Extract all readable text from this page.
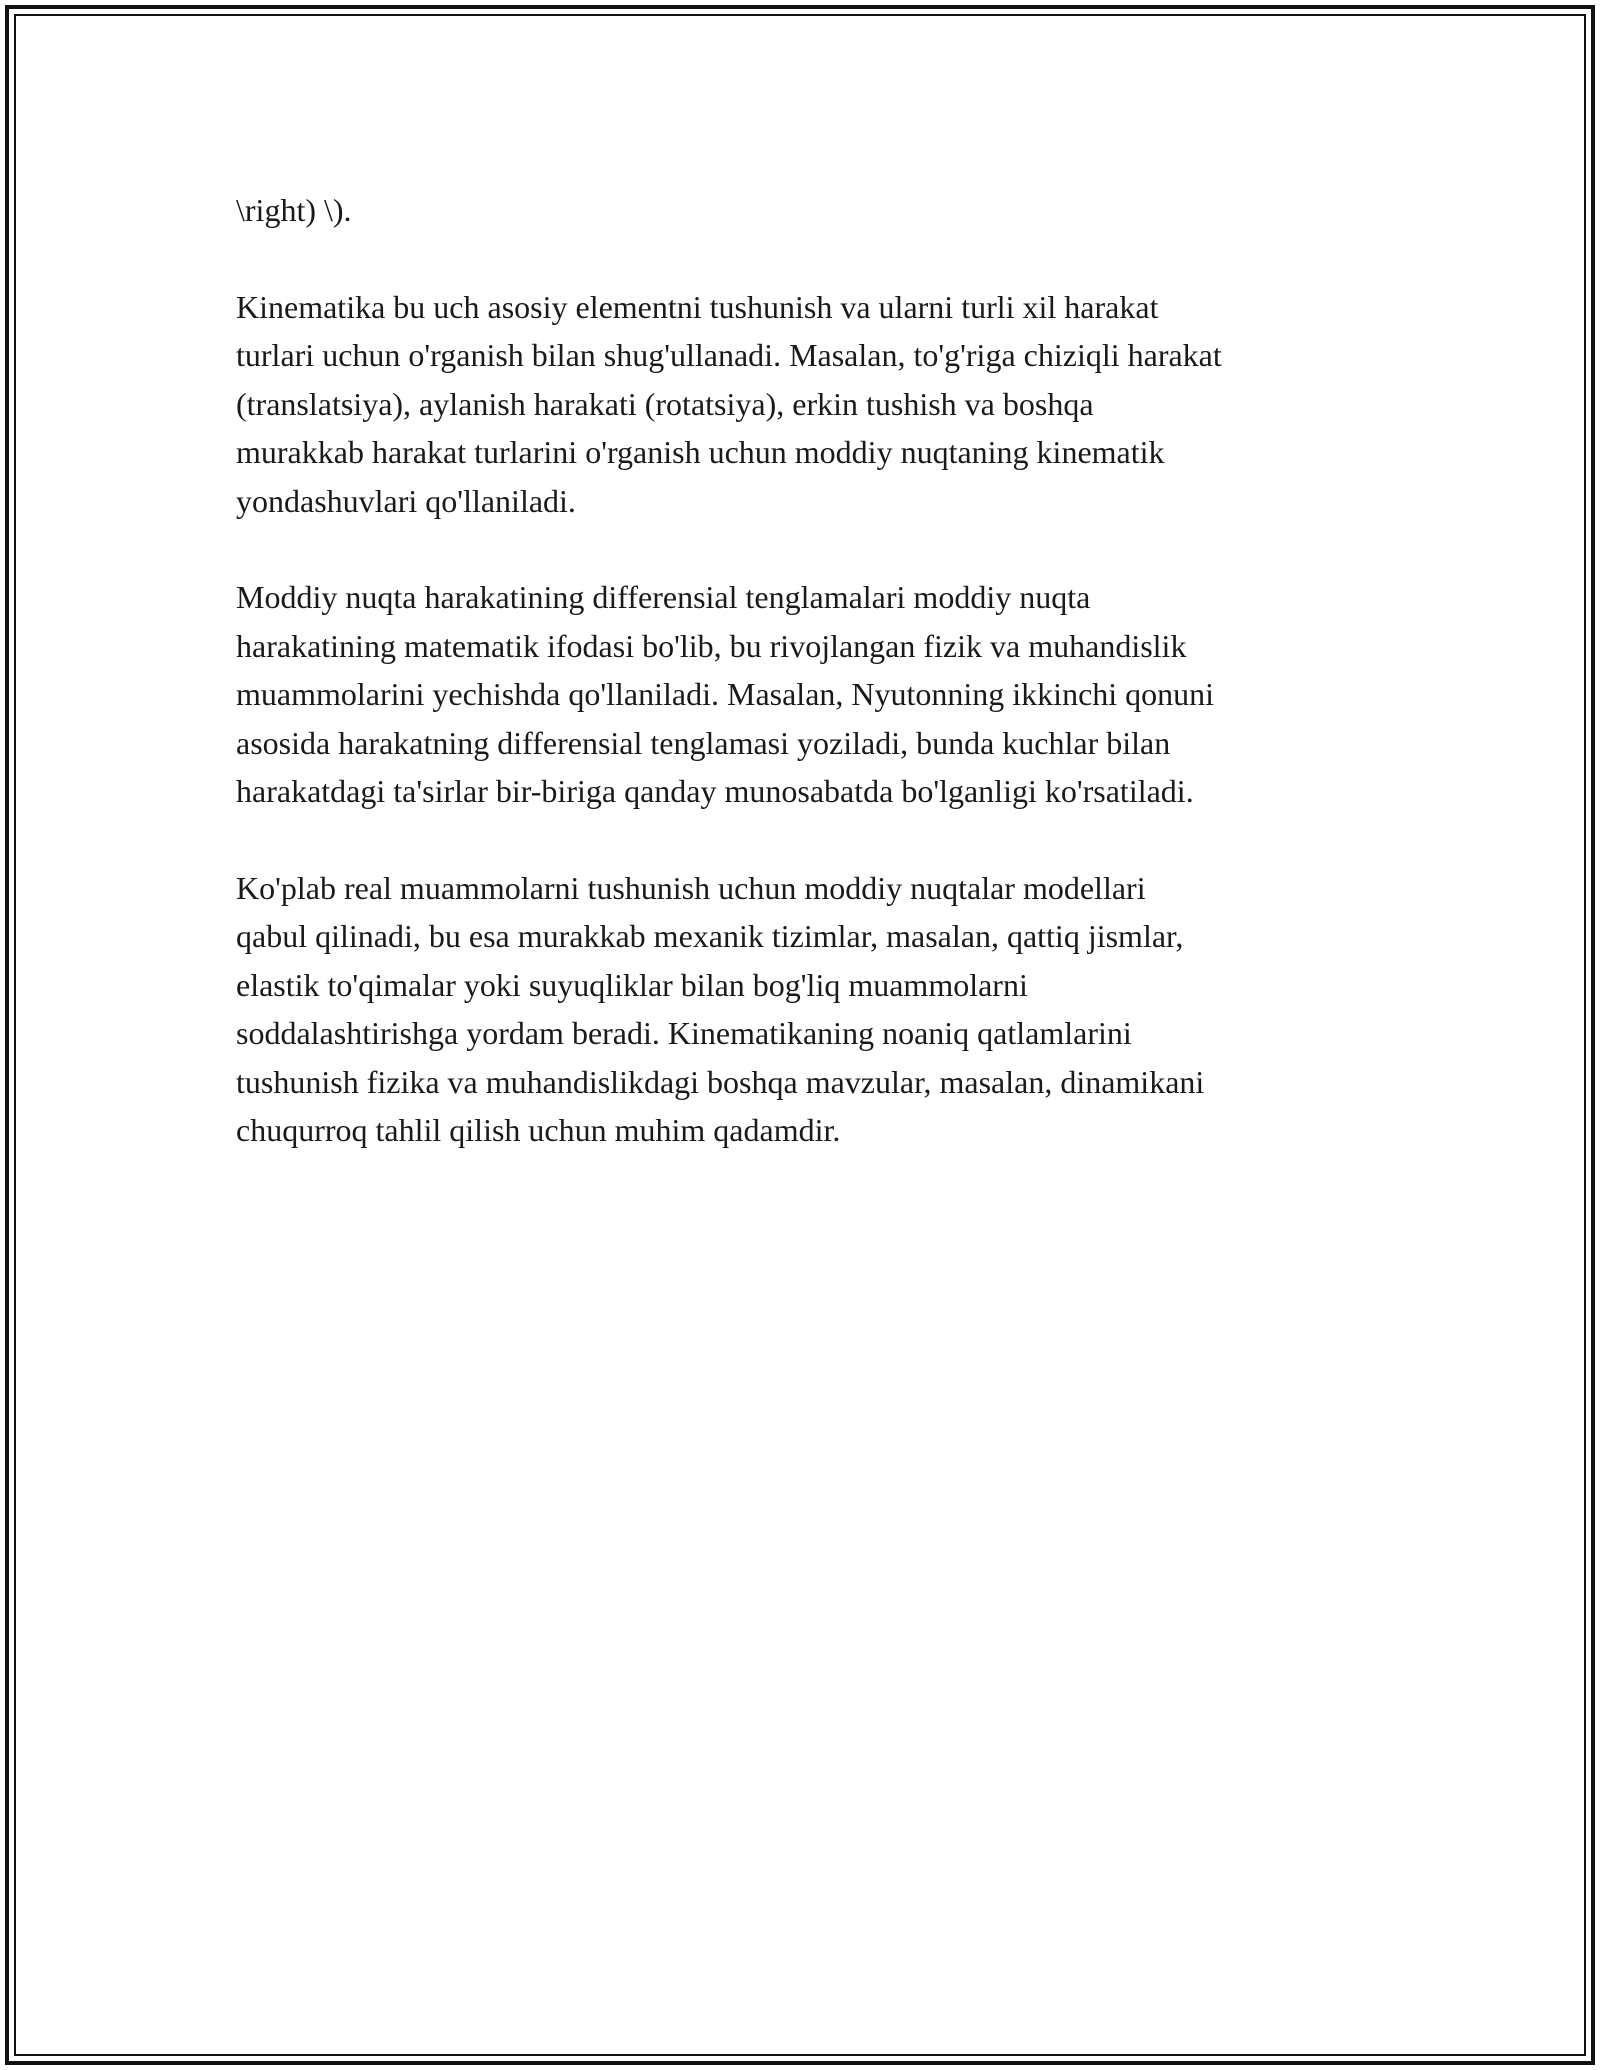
\right) \).

Kinematika bu uch asosiy elementni tushunish va ularni turli xil harakat
turlari uchun o'rganish bilan shug'ullanadi. Masalan, to'g'riga chiziqli harakat
(translatsiya), aylanish harakati (rotatsiya), erkin tushish va boshqa
murakkab harakat turlarini o'rganish uchun moddiy nuqtaning kinematik
yondashuvlari qo'llaniladi.

Moddiy nuqta harakatining differensial tenglamalari moddiy nuqta
harakatining matematik ifodasi bo'lib, bu rivojlangan fizik va muhandislik
muammolarini yechishda qo'llaniladi. Masalan, Nyutonning ikkinchi qonuni
asosida harakatning differensial tenglamasi yoziladi, bunda kuchlar bilan
harakatdagi ta'sirlar bir-biriga qanday munosabatda bo'lganligi ko'rsatiladi.

Ko'plab real muammolarni tushunish uchun moddiy nuqtalar modellari
qabul qilinadi, bu esa murakkab mexanik tizimlar, masalan, qattiq jismlar,
elastik to'qimalar yoki suyuqliklar bilan bog'liq muammolarni
soddalashtirishga yordam beradi. Kinematikaning noaniq qatlamlarini
tushunish fizika va muhandislikdagi boshqa mavzular, masalan, dinamikani
chuqurroq tahlil qilish uchun muhim qadamdir.
